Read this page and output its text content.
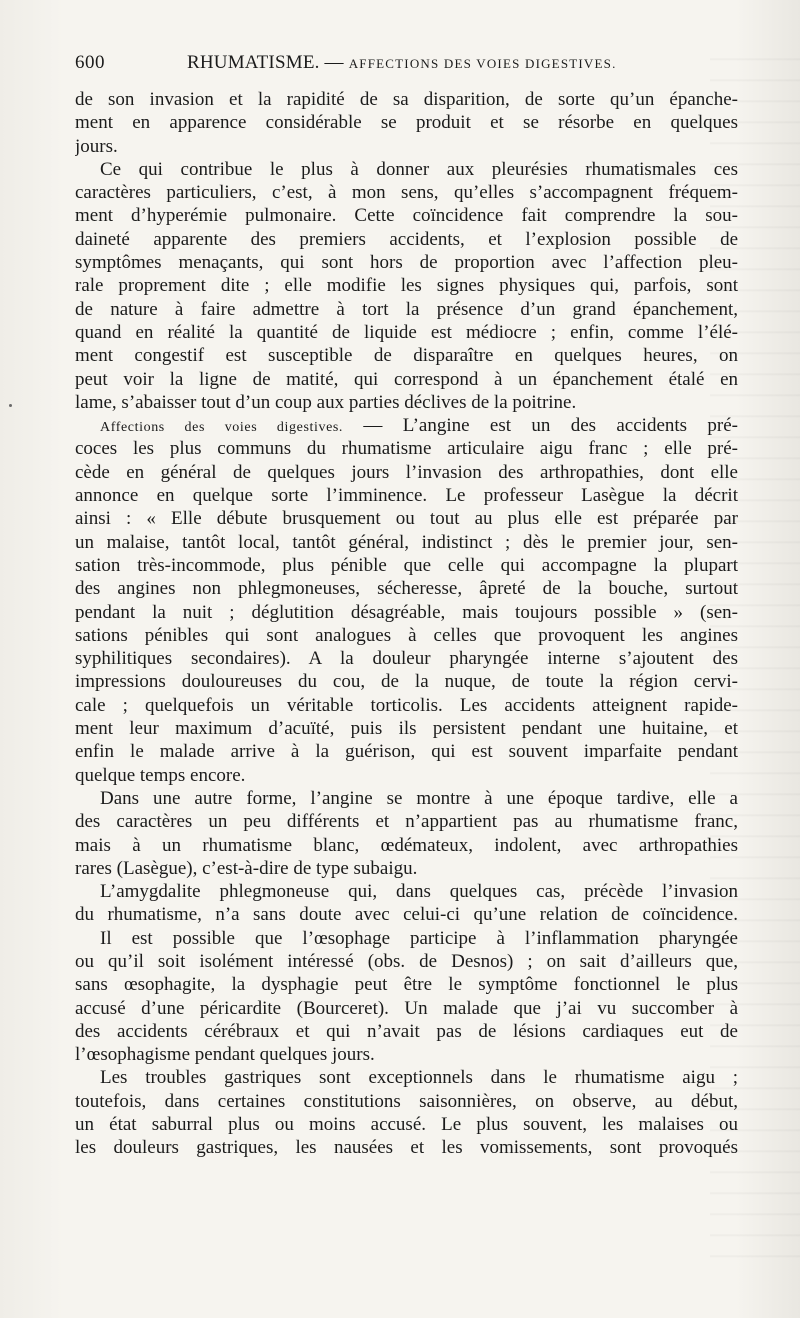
600	RHUMATISME. — AFFECTIONS DES VOIES DIGESTIVES.
de son invasion et la rapidité de sa disparition, de sorte qu’un épanche-
ment en apparence considérable se produit et se résorbe en quelques
jours.
Ce qui contribue le plus à donner aux pleurésies rhumatismales ces
caractères particuliers, c’est, à mon sens, qu’elles s’accompagnent fréquem-
ment d’hyperémie pulmonaire. Cette coïncidence fait comprendre la sou-
daineté apparente des premiers accidents, et l’explosion possible de
symptômes menaçants, qui sont hors de proportion avec l’affection pleu-
rale proprement dite ; elle modifie les signes physiques qui, parfois, sont
de nature à faire admettre à tort la présence d’un grand épanchement,
quand en réalité la quantité de liquide est médiocre ; enfin, comme l’élé-
ment congestif est susceptible de disparaître en quelques heures, on
peut voir la ligne de matité, qui correspond à un épanchement étalé en
lame, s’abaisser tout d’un coup aux parties déclives de la poitrine.
Affections des voies digestives. — L’angine est un des accidents pré-
coces les plus communs du rhumatisme articulaire aigu franc ; elle pré-
cède en général de quelques jours l’invasion des arthropathies, dont elle
annonce en quelque sorte l’imminence. Le professeur Lasègue la décrit
ainsi : « Elle débute brusquement ou tout au plus elle est préparée par
un malaise, tantôt local, tantôt général, indistinct ; dès le premier jour, sen-
sation très-incommode, plus pénible que celle qui accompagne la plupart
des angines non phlegmoneuses, sécheresse, âpreté de la bouche, surtout
pendant la nuit ; déglutition désagréable, mais toujours possible » (sen-
sations pénibles qui sont analogues à celles que provoquent les angines
syphilitiques secondaires). A la douleur pharyngée interne s’ajoutent des
impressions douloureuses du cou, de la nuque, de toute la région cervi-
cale ; quelquefois un véritable torticolis. Les accidents atteignent rapide-
ment leur maximum d’acuïté, puis ils persistent pendant une huitaine, et
enfin le malade arrive à la guérison, qui est souvent imparfaite pendant
quelque temps encore.
Dans une autre forme, l’angine se montre à une époque tardive, elle a
des caractères un peu différents et n’appartient pas au rhumatisme franc,
mais à un rhumatisme blanc, œdémateux, indolent, avec arthropathies
rares (Lasègue), c’est-à-dire de type subaigu.
L’amygdalite phlegmoneuse qui, dans quelques cas, précède l’invasion
du rhumatisme, n’a sans doute avec celui-ci qu’une relation de coïncidence.
Il est possible que l’œsophage participe à l’inflammation pharyngée
ou qu’il soit isolément intéressé (obs. de Desnos) ; on sait d’ailleurs que,
sans œsophagite, la dysphagie peut être le symptôme fonctionnel le plus
accusé d’une péricardite (Bourceret). Un malade que j’ai vu succomber à
des accidents cérébraux et qui n’avait pas de lésions cardiaques eut de
l’œsophagisme pendant quelques jours.
Les troubles gastriques sont exceptionnels dans le rhumatisme aigu ;
toutefois, dans certaines constitutions saisonnières, on observe, au début,
un état saburral plus ou moins accusé. Le plus souvent, les malaises ou
les douleurs gastriques, les nausées et les vomissements, sont provoqués
